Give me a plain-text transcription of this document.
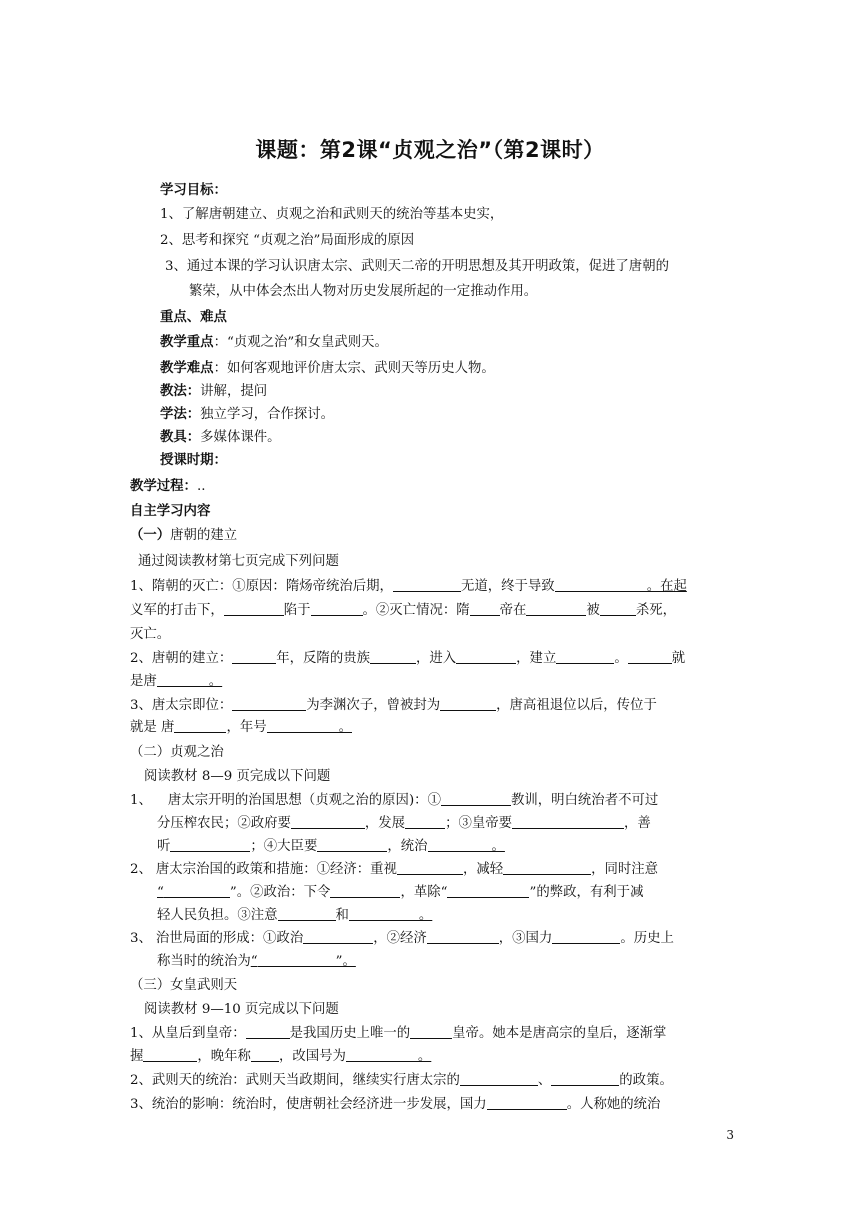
课题：第2课“贞观之治”（第2课时）
学习目标：
1、了解唐朝建立、贞观之治和武则天的统治等基本史实，
2、思考和探究 “贞观之治”局面形成的原因
3、通过本课的学习认识唐太宗、武则天二帝的开明思想及其开明政策，促进了唐朝的
繁荣，从中体会杰出人物对历史发展所起的一定推动作用。
重点、难点
教学重点：“贞观之治”和女皇武则天。
教学难点：如何客观地评价唐太宗、武则天等历史人物。
教法：讲解，提问
学法：独立学习，合作探讨。
教具：多媒体课件。
授课时期：
教学过程：..
自主学习内容
（一）唐朝的建立
通过阅读教材第七页完成下列问题
1、隋朝的灭亡：①原因：隋炀帝统治后期，	无道，终于导致	。在起
义军的打击下，	陷于	。②灭亡情况：隋 帝在	被	杀死，
灭亡。
2、唐朝的建立：	年，反隋的贵族	，进入	，建立	。	就
是唐	。
3、唐太宗即位：	为李渊次子，曾被封为	，唐高祖退位以后，传位于
就是 唐	，年号	。
（二）贞观之治
阅读教材 8—9 页完成以下问题
1、 唐太宗开明的治国思想（贞观之治的原因)：①	教训，明白统治者不可过
分压榨农民；②政府要	，发展	；③皇帝要	，善
听	；④大臣要	，统治	。
2、 唐太宗治国的政策和措施：①经济：重视	，减轻	，同时注意
“	”。②政治：下令	，革除“	”的弊政，有利于减
轻人民负担。③注意	和	。
3、 治世局面的形成：①政治	，②经济	，③国力	。历史上
称当时的统治为“	”。
（三）女皇武则天
阅读教材 9—10 页完成以下问题
1、从皇后到皇帝：	是我国历史上唯一的	皇帝。她本是唐高宗的皇后，逐渐掌
握	，晚年称 ，改国号为	。
2、武则天的统治：武则天当政期间，继续实行唐太宗的	、	的政策。
3、统治的影响：统治时，使唐朝社会经济进一步发展，国力	。人称她的统治
3
